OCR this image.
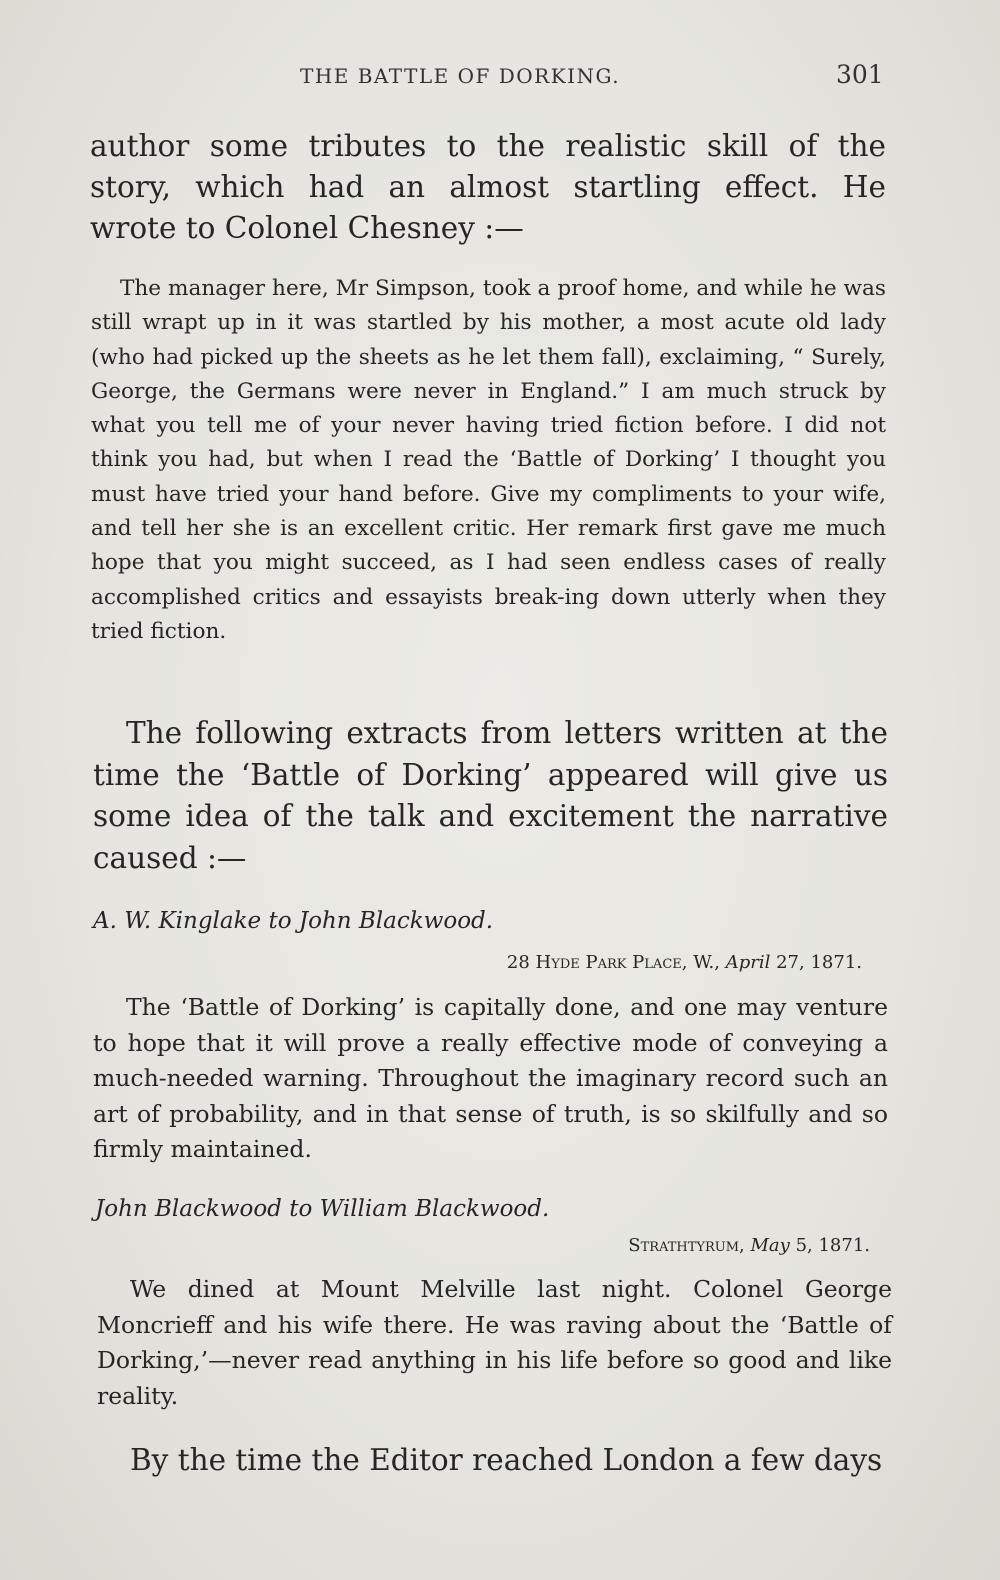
THE BATTLE OF DORKING.	301
author some tributes to the realistic skill of the
story, which had an almost startling effect. He
wrote to Colonel Chesney :—
The manager here, Mr Simpson, took a proof home, and while he was still wrapt up in it was startled by his mother, a most acute old lady (who had picked up the sheets as he let them fall), exclaiming, “ Surely, George, the Germans were never in England.” I am much struck by what you tell me of your never having tried fiction before. I did not think you had, but when I read the ‘Battle of Dorking’ I thought you must have tried your hand before. Give my compliments to your wife, and tell her she is an excellent critic. Her remark first gave me much hope that you might succeed, as I had seen endless cases of really accomplished critics and essayists break-ing down utterly when they tried fiction.
The following extracts from letters written at the time the ‘Battle of Dorking’ appeared will give us some idea of the talk and excitement the narrative caused :—
A. W. Kinglake to John Blackwood.
28 Hyde Park Place, W., April 27, 1871.
The ‘Battle of Dorking’ is capitally done, and one may venture to hope that it will prove a really effective mode of conveying a much-needed warning. Throughout the imaginary record such an art of probability, and in that sense of truth, is so skilfully and so firmly maintained.
John Blackwood to William Blackwood.
Strathtyrum, May 5, 1871.
We dined at Mount Melville last night. Colonel George Moncrieff and his wife there. He was raving about the ‘Battle of Dorking,’—never read anything in his life before so good and like reality.
By the time the Editor reached London a few days
